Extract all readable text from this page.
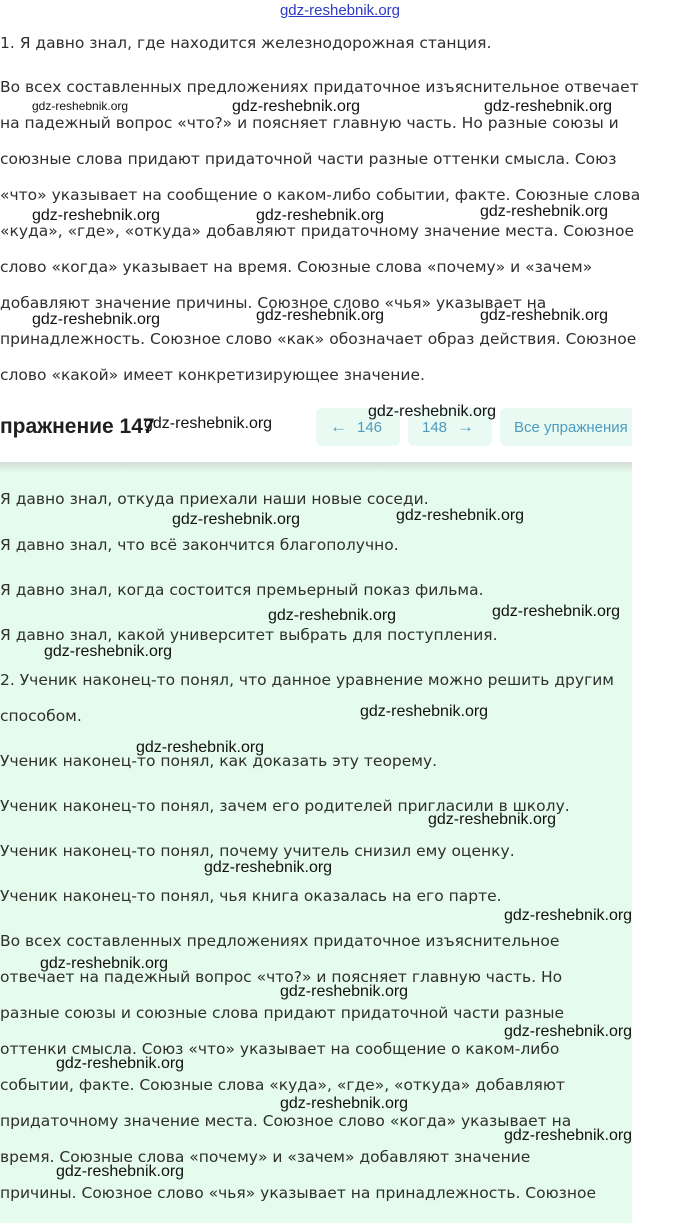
gdz-reshebnik.org

1. Я давно знал, где находится железнодорожная станция.

Во всех составленных предложениях придаточное изъяснительное отвечает

на падежный вопрос «что?» и поясняет главную часть. Но разные союзы и

союзные слова придают придаточной части разные оттенки смысла. Союз

«что» указывает на сообщение о каком-либо событии, факте. Союзные слова

«куда», «где», «откуда» добавляют придаточному значение места. Союзное

слово «когда» указывает на время. Союзные слова «почему» и «зачем»

добавляют значение причины. Союзное слово «чья» указывает на

принадлежность. Союзное слово «как» обозначает образ действия. Союзное

слово «какой» имеет конкретизирующее значение.

пражнение 147	← 146	148 →	Все упражнения

Я давно знал, откуда приехали наши новые соседи.

Я давно знал, что всё закончится благополучно.

Я давно знал, когда состоится премьерный показ фильма.

Я давно знал, какой университет выбрать для поступления.

2. Ученик наконец-то понял, что данное уравнение можно решить другим

способом.

Ученик наконец-то понял, как доказать эту теорему.

Ученик наконец-то понял, зачем его родителей пригласили в школу.

Ученик наконец-то понял, почему учитель снизил ему оценку.

Ученик наконец-то понял, чья книга оказалась на его парте.

Во всех составленных предложениях придаточное изъяснительное

отвечает на падежный вопрос «что?» и поясняет главную часть. Но

разные союзы и союзные слова придают придаточной части разные

оттенки смысла. Союз «что» указывает на сообщение о каком-либо

событии, факте. Союзные слова «куда», «где», «откуда» добавляют

придаточному значение места. Союзное слово «когда» указывает на

время. Союзные слова «почему» и «зачем» добавляют значение

причины. Союзное слово «чья» указывает на принадлежность. Союзное

gdz-reshebnik.org	gdz-reshebnik.org	gdz-reshebnik.org
gdz-reshebnik.org	gdz-reshebnik.org	gdz-reshebnik.org
gdz-reshebnik.org	gdz-reshebnik.org	gdz-reshebnik.org
gdz-reshebnik.org
gdz-reshebnik.org
gdz-reshebnik.org	gdz-reshebnik.org
gdz-reshebnik.org	gdz-reshebnik.org
gdz-reshebnik.org
gdz-reshebnik.org
gdz-reshebnik.org
gdz-reshebnik.org
gdz-reshebnik.org
gdz-reshebnik.org
gdz-reshebnik.org
gdz-reshebnik.org
gdz-reshebnik.org
gdz-reshebnik.org
gdz-reshebnik.org
gdz-reshebnik.org
gdz-reshebnik.org
